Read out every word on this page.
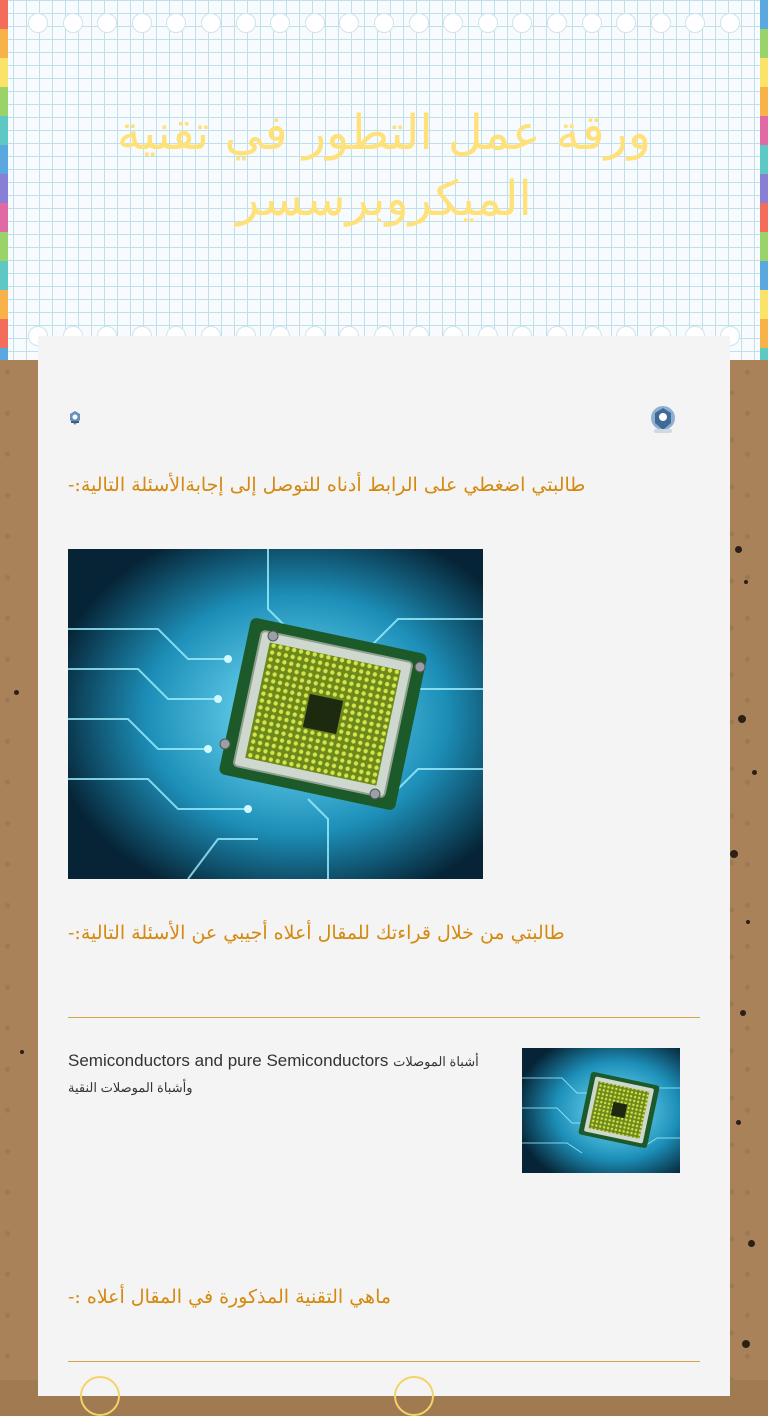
ورقة عمل التطور في تقنية الميكروبرسسر
طالبتي اضغطي على الرابط أدناه للتوصل إلى إجابةالأسئلة التالية:-
طالبتي من خلال قراءتك للمقال أعلاه أجيبي عن الأسئلة التالية:-
Semiconductors and pure Semiconductors أشباة الموصلات وأشباة الموصلات النقية
ماهي التقنية المذكورة في المقال أعلاه :-
